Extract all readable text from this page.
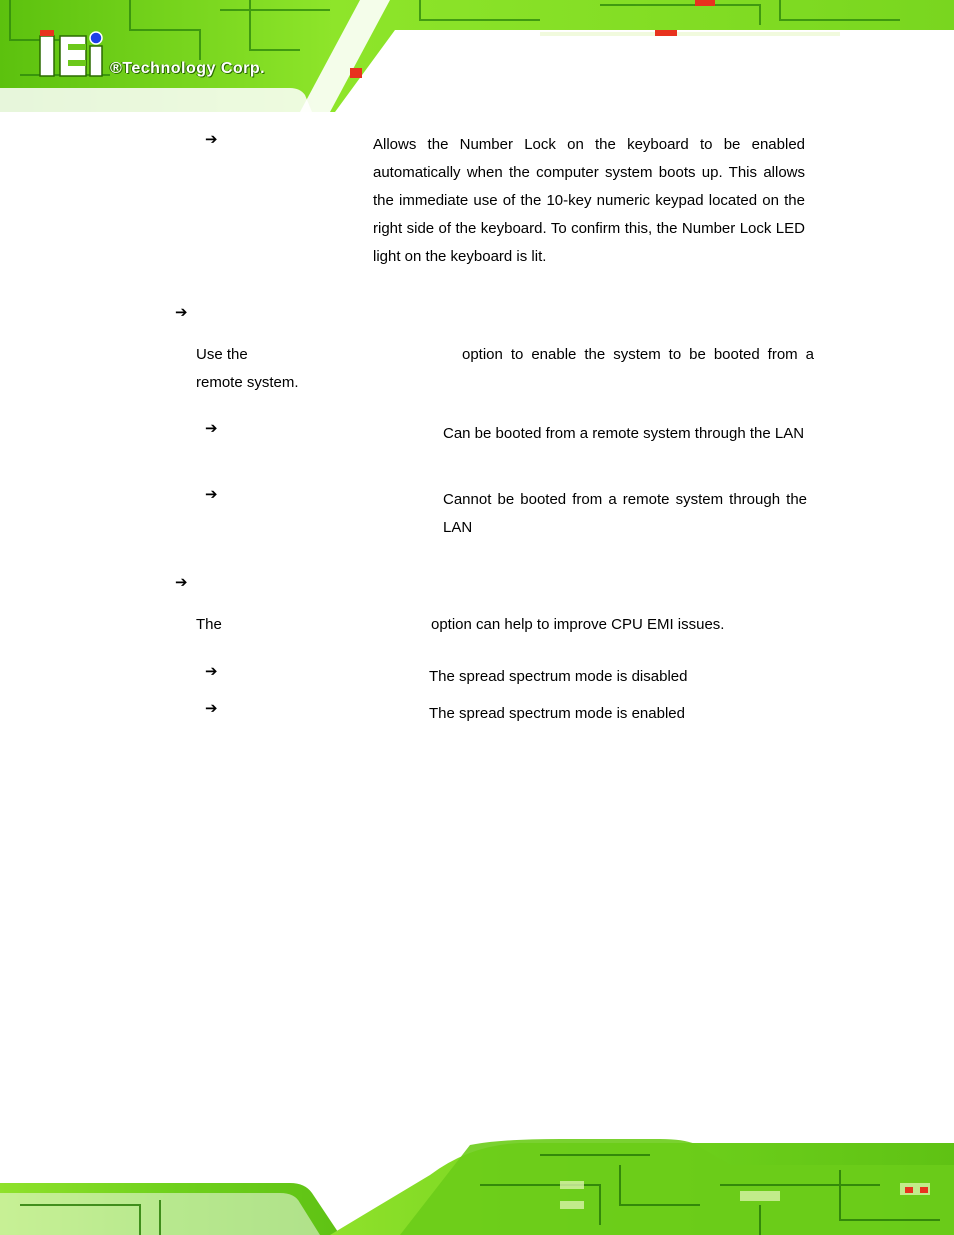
®Technology Corp.
➔	Allows the Number Lock on the keyboard to be enabled automatically when the computer system boots up. This allows the immediate use of the 10-key numeric keypad located on the right side of the keyboard. To confirm this, the Number Lock LED light on the keyboard is lit.
➔
Use the	option to enable the system to be booted from a remote system.
➔	Can be booted from a remote system through the LAN
➔	Cannot be booted from a remote system through the LAN
➔
The	option can help to improve CPU EMI issues.
➔	The spread spectrum mode is disabled
➔	The spread spectrum mode is enabled
